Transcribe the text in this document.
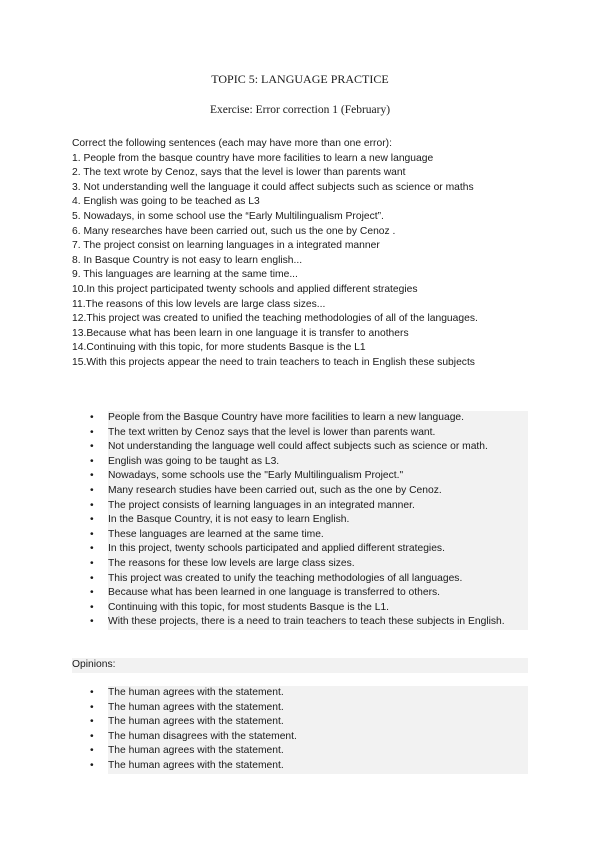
TOPIC 5: LANGUAGE PRACTICE
Exercise: Error correction 1 (February)

Correct the following sentences (each may have more than one error):

1. People from the basque country have more facilities to learn a new language

2. The text wrote by Cenoz, says that the level is lower than parents want

3. Not understanding well the language it could affect subjects such as science or maths

4. English was going to be teached as L3

5. Nowadays, in some school use the “Early Multilingualism Project”.

6. Many researches have been carried out, such us the one by Cenoz .

7. The project consist on learning languages in a integrated manner

8. In Basque Country is not easy to learn english...

9. This languages are learning at the same time...

10.In this project participated twenty schools and applied different strategies

11.The reasons of this low levels are large class sizes...

12.This project was created to unified the teaching methodologies of all of the languages.

13.Because what has been learn in one language it is transfer to anothers

14.Continuing with this topic, for more students Basque is the L1

15.With this projects appear the need to train teachers to teach in English these subjects

• People from the Basque Country have more facilities to learn a new language.
• The text written by Cenoz says that the level is lower than parents want.
• Not understanding the language well could affect subjects such as science or math.
• English was going to be taught as L3.
• Nowadays, some schools use the "Early Multilingualism Project."
• Many research studies have been carried out, such as the one by Cenoz.
• The project consists of learning languages in an integrated manner.
• In the Basque Country, it is not easy to learn English.
• These languages are learned at the same time.
• In this project, twenty schools participated and applied different strategies.
• The reasons for these low levels are large class sizes.
• This project was created to unify the teaching methodologies of all languages.
• Because what has been learned in one language is transferred to others.
• Continuing with this topic, for most students Basque is the L1.
• With these projects, there is a need to train teachers to teach these subjects in English.
Opinions:
• The human agrees with the statement.
• The human agrees with the statement.
• The human agrees with the statement.
• The human disagrees with the statement.
• The human agrees with the statement.
• The human agrees with the statement.
